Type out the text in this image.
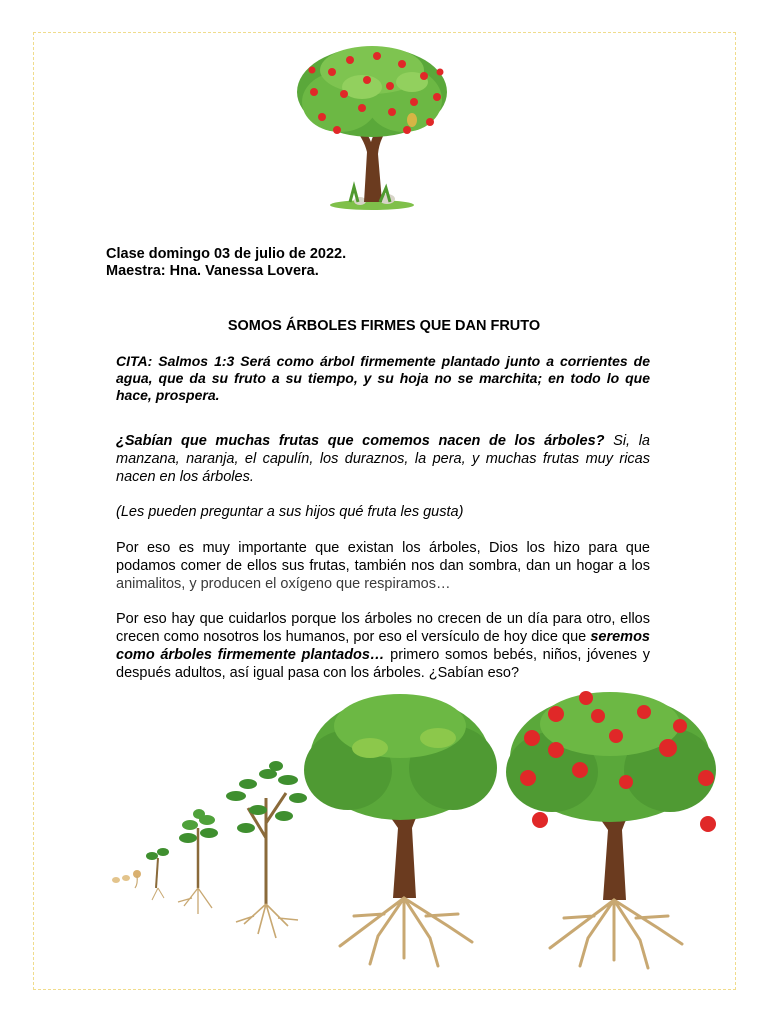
Clase domingo 03 de julio de 2022.
Maestra: Hna. Vanessa Lovera.
SOMOS ÁRBOLES FIRMES QUE DAN FRUTO
CITA: Salmos 1:3 Será como árbol firmemente plantado junto a corrientes de agua, que da su fruto a su tiempo, y su hoja no se marchita; en todo lo que hace, prospera.
¿Sabían que muchas frutas que comemos nacen de los árboles? Si, la manzana, naranja, el capulín, los duraznos, la pera, y muchas frutas muy ricas nacen en los árboles.
(Les pueden preguntar a sus hijos qué fruta les gusta)
Por eso es muy importante que existan los árboles, Dios los hizo para que podamos comer de ellos sus frutas, también nos dan sombra, dan un hogar a los animalitos, y producen el oxígeno que respiramos…
Por eso hay que cuidarlos porque los árboles no crecen de un día para otro, ellos crecen como nosotros los humanos, por eso el versículo de hoy dice que seremos como árboles firmemente plantados… primero somos bebés, niños, jóvenes y después adultos, así igual pasa con los árboles. ¿Sabían eso?
